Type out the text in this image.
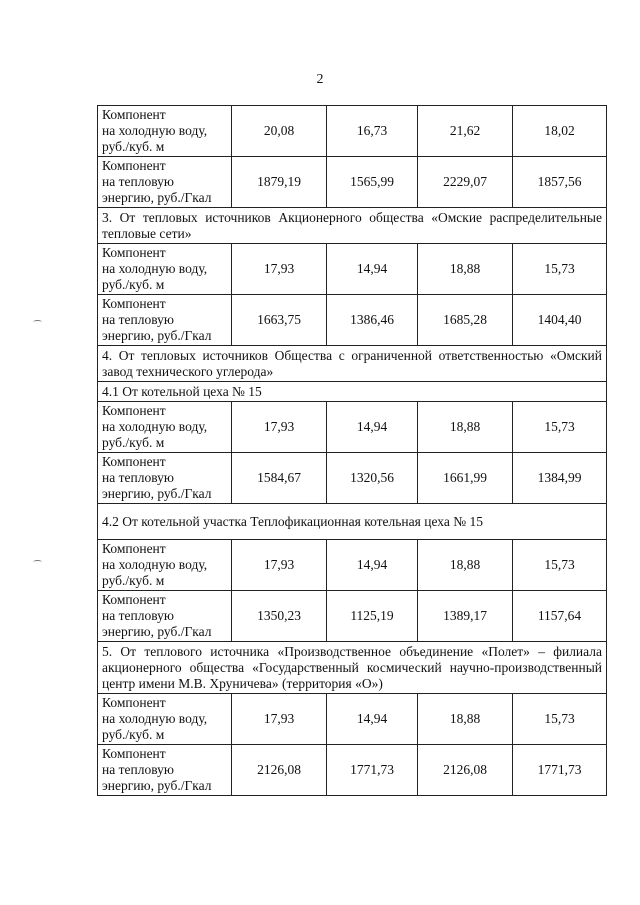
2
Компонент
на холодную воду,
руб./куб. м	20,08	16,73	21,62	18,02

Компонент
на тепловую
энергию, руб./Гкал	1879,19	1565,99	2229,07	1857,56
3. От тепловых источников Акционерного общества «Омские распределительные тепловые сети»				

Компонент
на холодную воду,
руб./куб. м	17,93	14,94	18,88	15,73

Компонент
на тепловую
энергию, руб./Гкал	1663,75	1386,46	1685,28	1404,40
4. От тепловых источников Общества с ограниченной ответственностью «Омский завод технического углерода»				
4.1 От котельной цеха № 15				

Компонент
на холодную воду,
руб./куб. м	17,93	14,94	18,88	15,73

Компонент
на тепловую
энергию, руб./Гкал	1584,67	1320,56	1661,99	1384,99
4.2 От котельной участка Теплофикационная котельная цеха № 15				

Компонент
на холодную воду,
руб./куб. м	17,93	14,94	18,88	15,73

Компонент
на тепловую
энергию, руб./Гкал	1350,23	1125,19	1389,17	1157,64
5. От теплового источника «Производственное объединение «Полет» – филиала акционерного общества «Государственный космический научно-производственный центр имени М.В. Хруничева» (территория «О»)				

Компонент
на холодную воду,
руб./куб. м	17,93	14,94	18,88	15,73

Компонент
на тепловую
энергию, руб./Гкал	2126,08	1771,73	2126,08	1771,73
